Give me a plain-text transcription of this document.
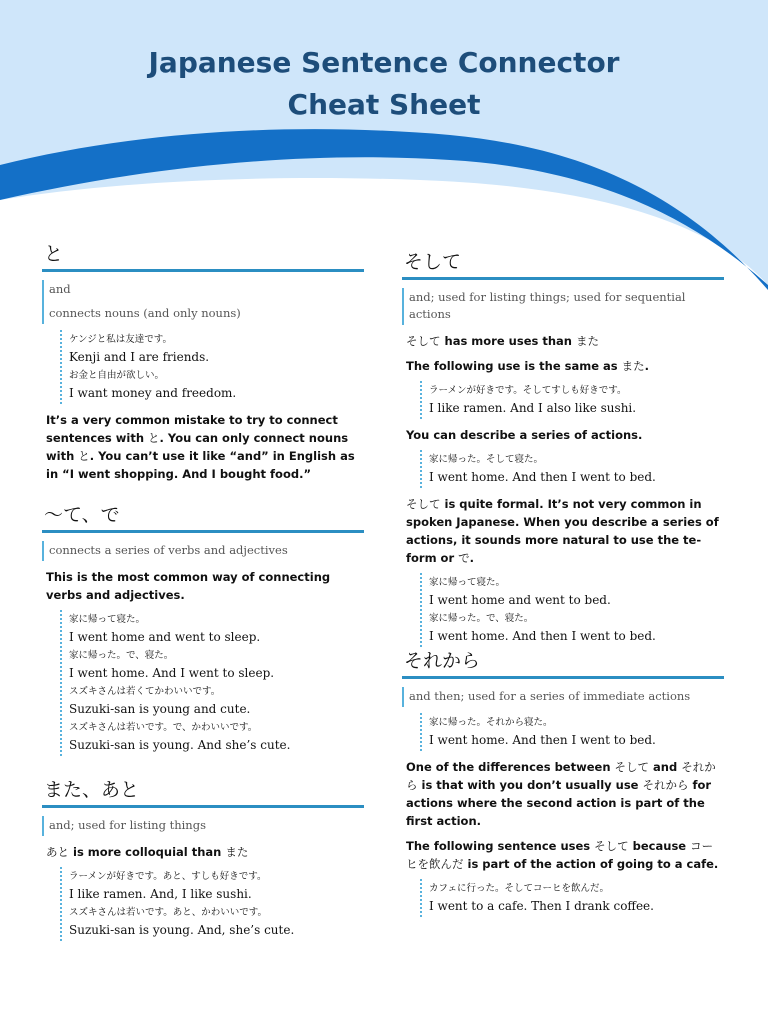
Japanese Sentence Connector
Cheat Sheet
と
and
connects nouns (and only nouns)
ケンジと私は友達です。
Kenji and I are friends.
お金と自由が欲しい。
I want money and freedom.
It’s a very common mistake to try to connect sentences with と. You can only connect nouns with と. You can’t use it like “and” in English as in “I went shopping. And I bought food.”
〜て、で
connects a series of verbs and adjectives
This is the most common way of connecting verbs and adjectives.
家に帰って寝た。
I went home and went to sleep.
家に帰った。で、寝た。
I went home. And I went to sleep.
スズキさんは若くてかわいいです。
Suzuki-san is young and cute.
スズキさんは若いです。で、かわいいです。
Suzuki-san is young. And she’s cute.
また、あと
and; used for listing things
あと is more colloquial than また
ラーメンが好きです。あと、すしも好きです。
I like ramen. And, I like sushi.
スズキさんは若いです。あと、かわいいです。
Suzuki-san is young. And, she’s cute.
そして
and; used for listing things; used for sequential actions
そして has more uses than また
The following use is the same as また.
ラーメンが好きです。そしてすしも好きです。
I like ramen. And I also like sushi.
You can describe a series of actions.
家に帰った。そして寝た。
I went home. And then I went to bed.
そして is quite formal. It’s not very common in spoken Japanese. When you describe a series of actions, it sounds more natural to use the te-form or で.
家に帰って寝た。
I went home and went to bed.
家に帰った。で、寝た。
I went home. And then I went to bed.
それから
and then; used for a series of immediate actions
家に帰った。それから寝た。
I went home. And then I went to bed.
One of the differences between そして and それから is that with you don’t usually use それから for actions where the second action is part of the first action.
The following sentence uses そして because コーヒを飲んだ is part of the action of going to a cafe.
カフェに行った。そしてコーヒを飲んだ。
I went to a cafe. Then I drank coffee.
